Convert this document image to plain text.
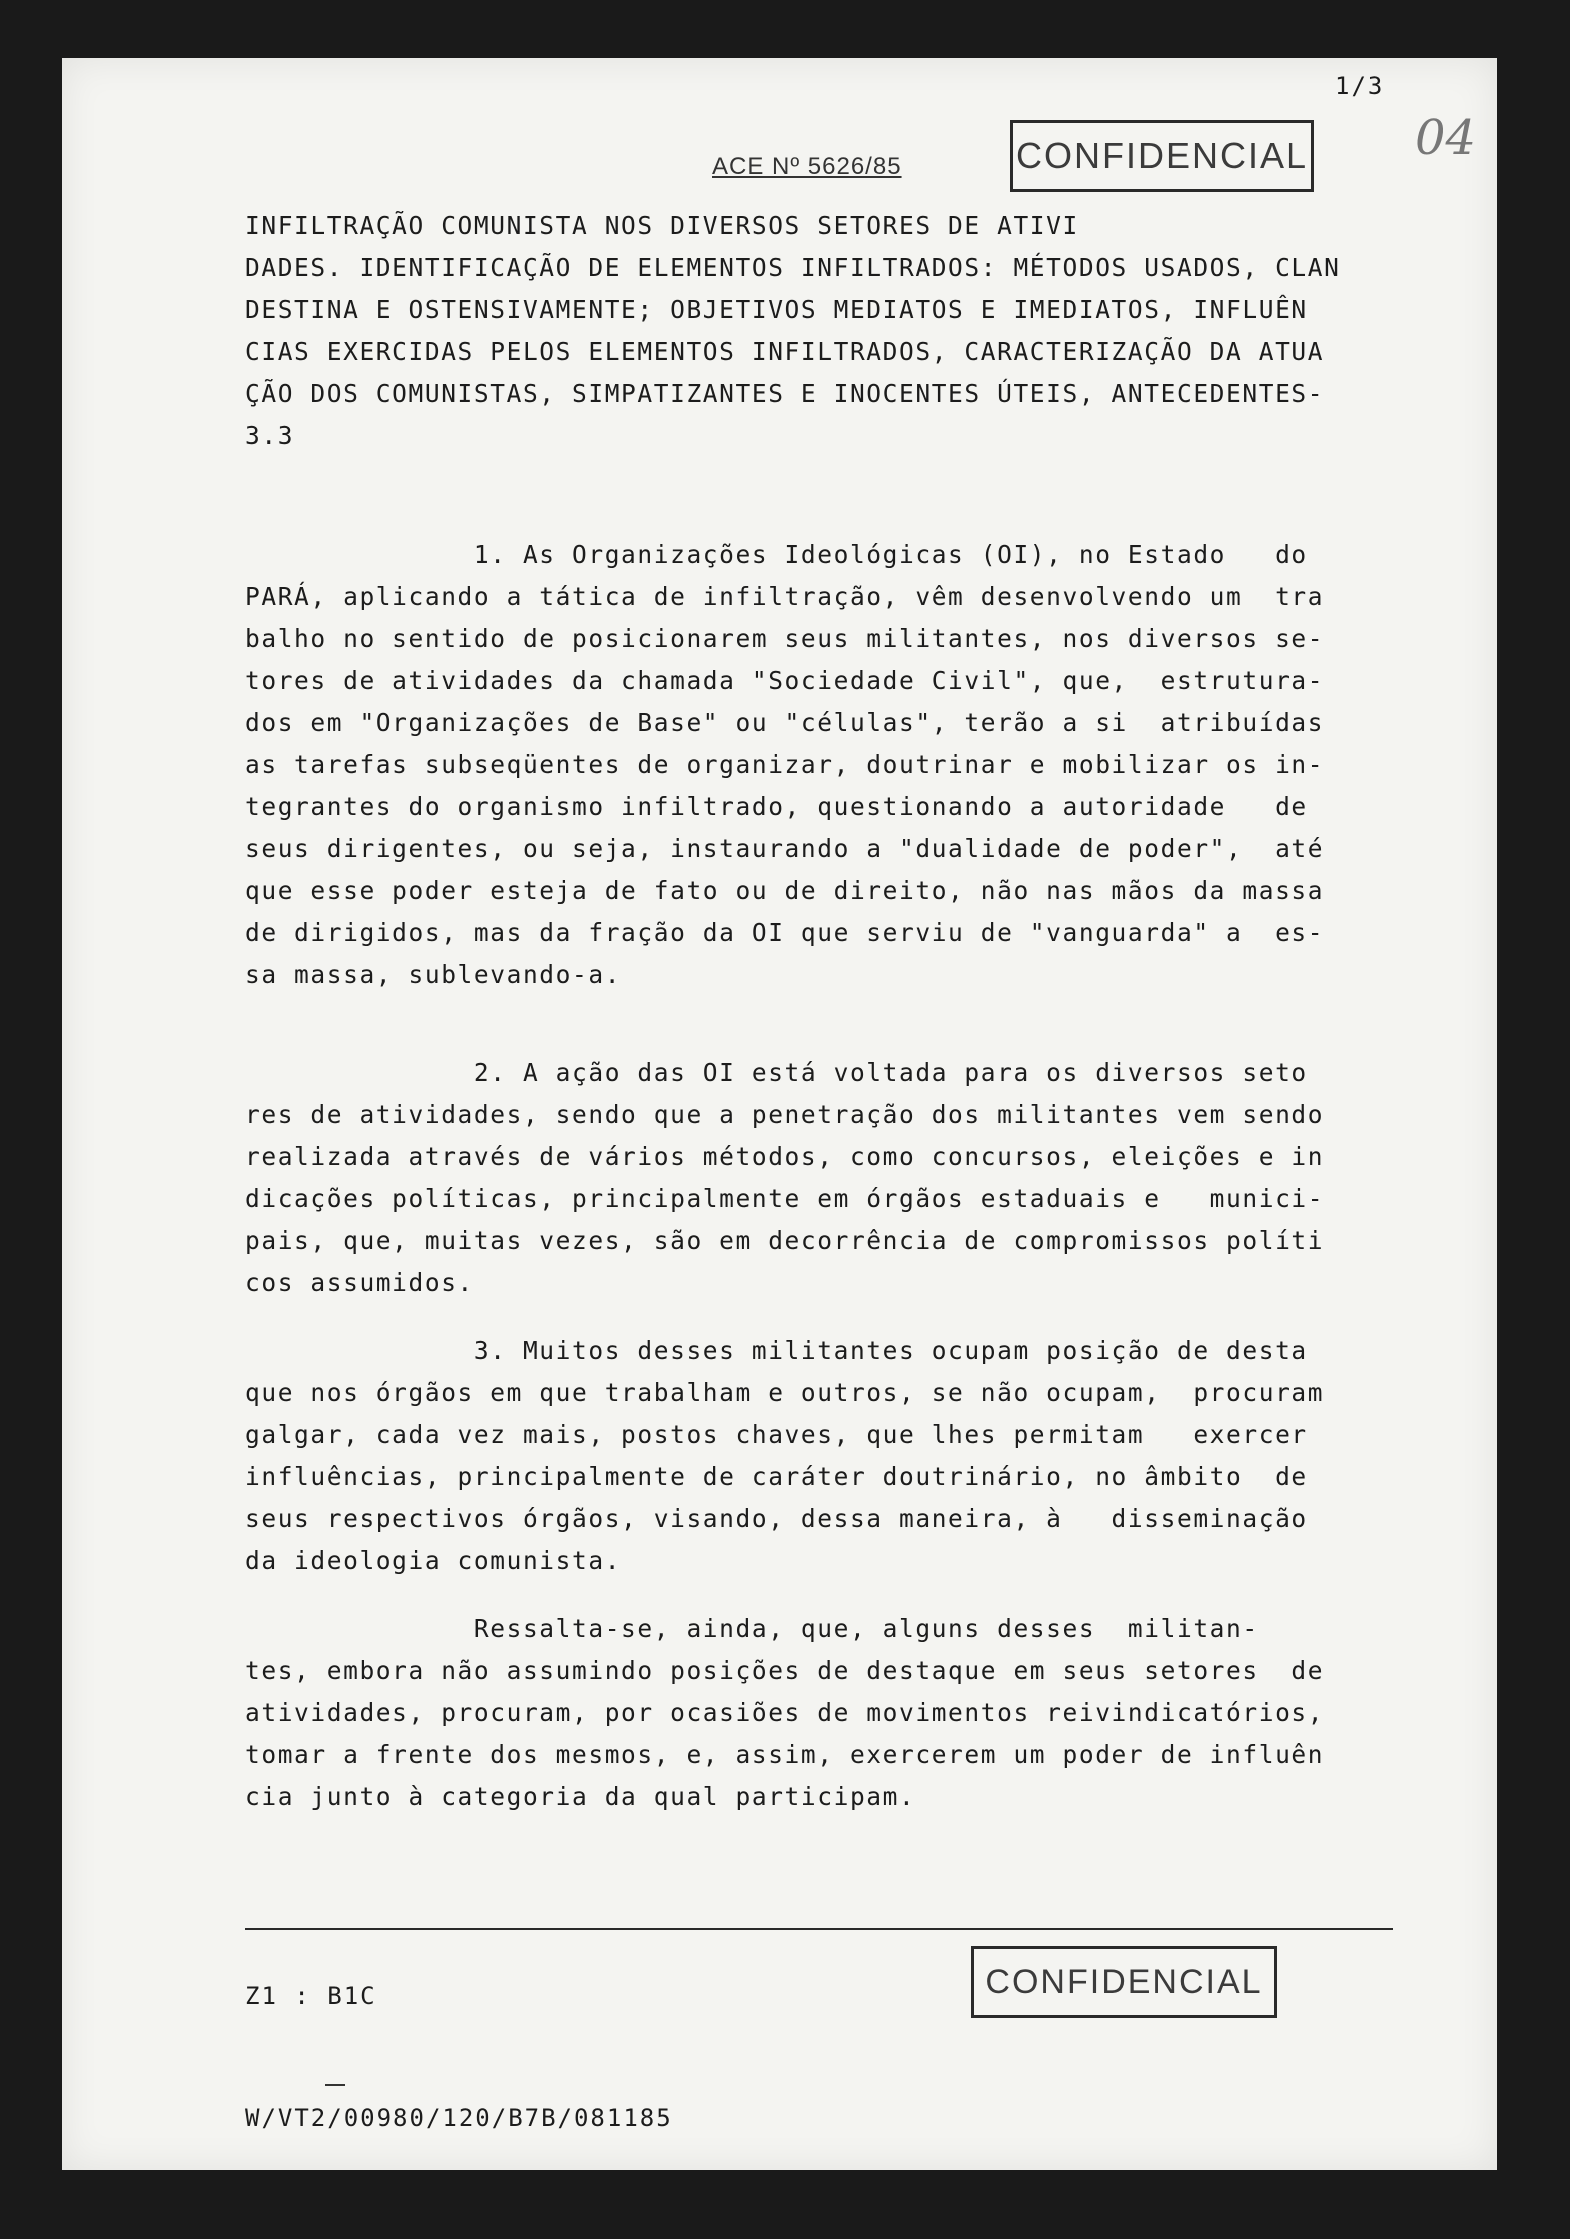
1/3
ACE Nº 5626/85	CONFIDENCIAL 04
INFILTRAÇÃO COMUNISTA NOS DIVERSOS SETORES DE ATIVI
DADES. IDENTIFICAÇÃO DE ELEMENTOS INFILTRADOS: MÉTODOS USADOS, CLAN
DESTINA E OSTENSIVAMENTE; OBJETIVOS MEDIATOS E IMEDIATOS, INFLUÊN
CIAS EXERCIDAS PELOS ELEMENTOS INFILTRADOS, CARACTERIZAÇÃO DA ATUA
ÇÃO DOS COMUNISTAS, SIMPATIZANTES E INOCENTES ÚTEIS, ANTECEDENTES-
3.3
1. As Organizações Ideológicas (OI), no Estado   do
PARÁ, aplicando a tática de infiltração, vêm desenvolvendo um  tra
balho no sentido de posicionarem seus militantes, nos diversos se-
tores de atividades da chamada "Sociedade Civil", que,  estrutura-
dos em "Organizações de Base" ou "células", terão a si  atribuídas
as tarefas subseqüentes de organizar, doutrinar e mobilizar os in-
tegrantes do organismo infiltrado, questionando a autoridade   de
seus dirigentes, ou seja, instaurando a "dualidade de poder",  até
que esse poder esteja de fato ou de direito, não nas mãos da massa
de dirigidos, mas da fração da OI que serviu de "vanguarda" a  es-
sa massa, sublevando-a.
2. A ação das OI está voltada para os diversos seto
res de atividades, sendo que a penetração dos militantes vem sendo
realizada através de vários métodos, como concursos, eleições e in
dicações políticas, principalmente em órgãos estaduais e   munici-
pais, que, muitas vezes, são em decorrência de compromissos políti
cos assumidos.
3. Muitos desses militantes ocupam posição de desta
que nos órgãos em que trabalham e outros, se não ocupam,  procuram
galgar, cada vez mais, postos chaves, que lhes permitam   exercer
influências, principalmente de caráter doutrinário, no âmbito  de
seus respectivos órgãos, visando, dessa maneira, à   disseminação
da ideologia comunista.
Ressalta-se, ainda, que, alguns desses  militan-
tes, embora não assumindo posições de destaque em seus setores  de
atividades, procuram, por ocasiões de movimentos reivindicatórios,
tomar a frente dos mesmos, e, assim, exercerem um poder de influên
cia junto à categoria da qual participam.
Z1 : B1C	CONFIDENCIAL
W/VT2/00980/120/B7B/081185
